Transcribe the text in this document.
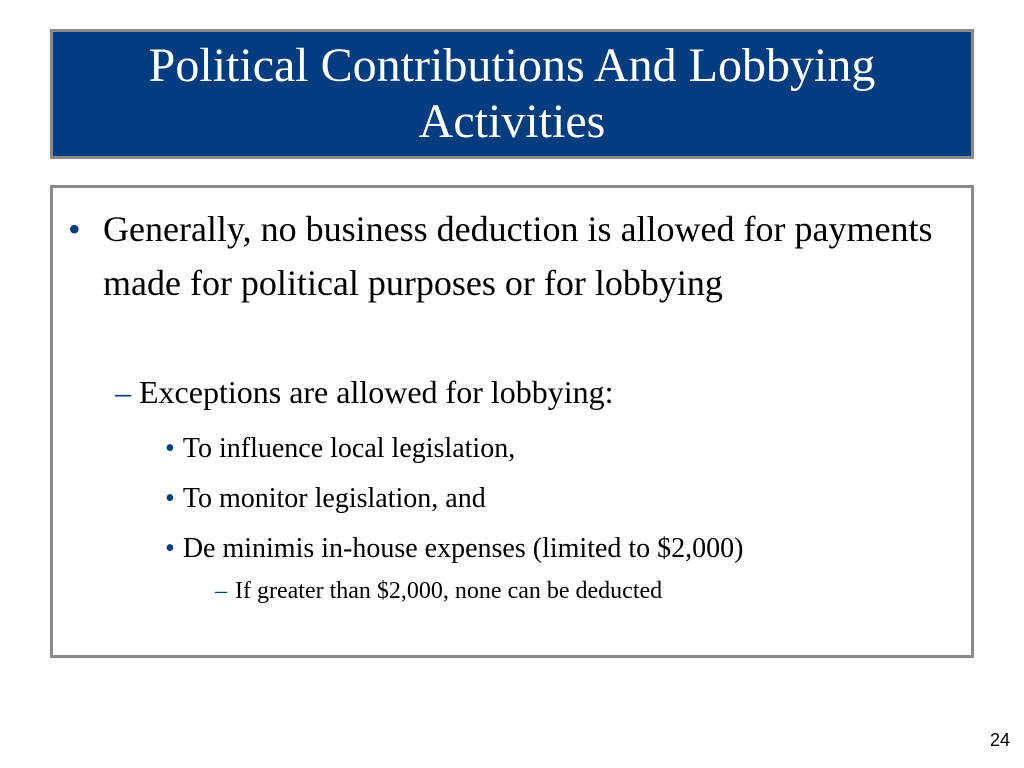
Political Contributions And Lobbying Activities
• Generally, no business deduction is allowed for payments made for political purposes or for lobbying
– Exceptions are allowed for lobbying:
• To influence local legislation,
• To monitor legislation, and
• De minimis in-house expenses (limited to $2,000)
– If greater than $2,000, none can be deducted
24
